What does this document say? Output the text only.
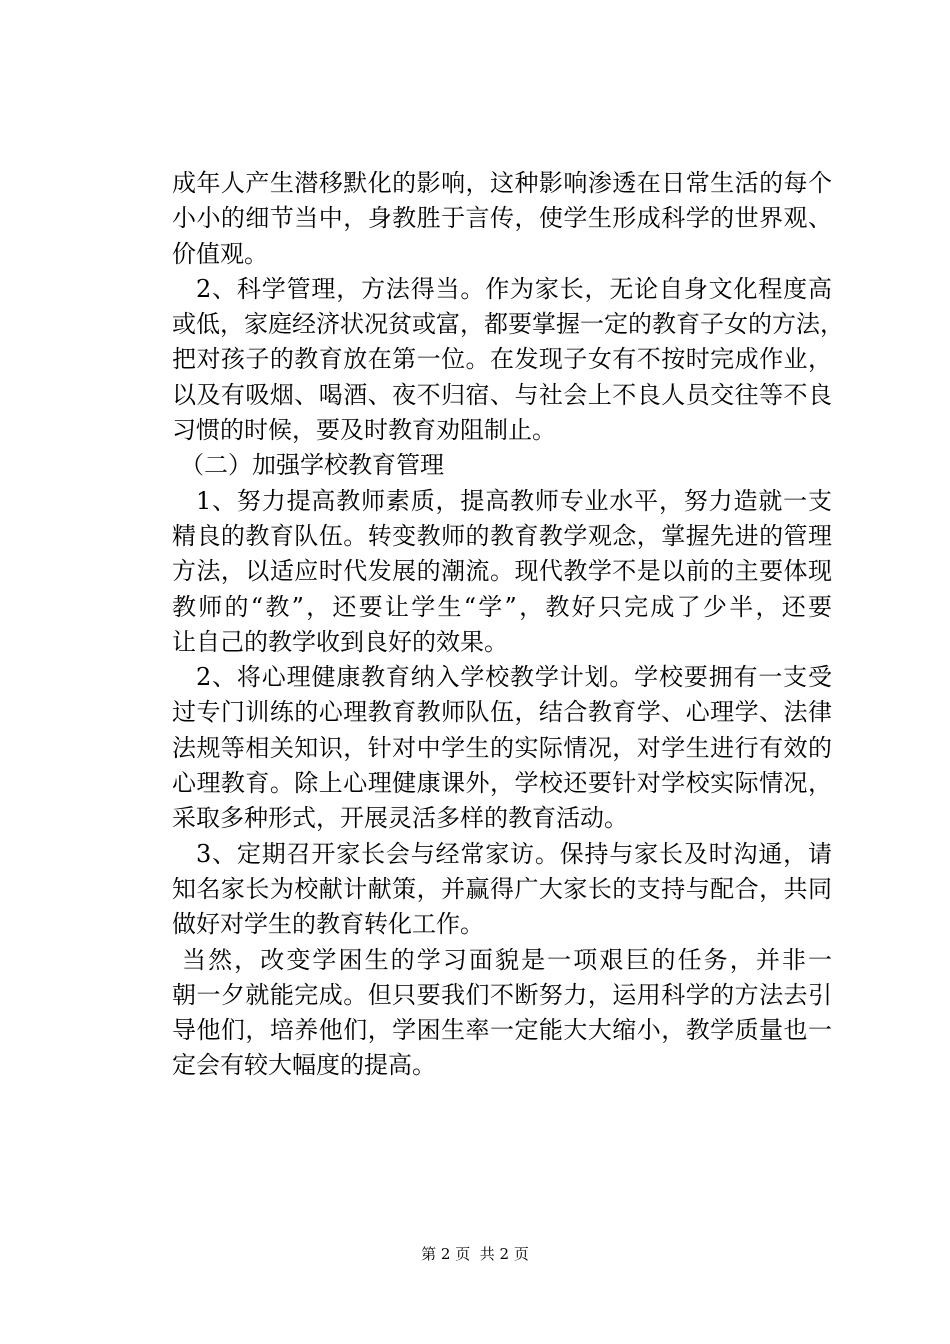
成年人产生潜移默化的影响，这种影响渗透在日常生活的每个
小小的细节当中，身教胜于言传，使学生形成科学的世界观、
价值观。
2、科学管理，方法得当。作为家长，无论自身文化程度高
或低，家庭经济状况贫或富，都要掌握一定的教育子女的方法，
把对孩子的教育放在第一位。在发现子女有不按时完成作业，
以及有吸烟、喝酒、夜不归宿、与社会上不良人员交往等不良
习惯的时候，要及时教育劝阻制止。
（二）加强学校教育管理
1、努力提高教师素质，提高教师专业水平，努力造就一支
精良的教育队伍。转变教师的教育教学观念，掌握先进的管理
方法，以适应时代发展的潮流。现代教学不是以前的主要体现
教师的“教”，还要让学生“学”，教好只完成了少半，还要
让自己的教学收到良好的效果。
2、将心理健康教育纳入学校教学计划。学校要拥有一支受
过专门训练的心理教育教师队伍，结合教育学、心理学、法律
法规等相关知识，针对中学生的实际情况，对学生进行有效的
心理教育。除上心理健康课外，学校还要针对学校实际情况，
采取多种形式，开展灵活多样的教育活动。
3、定期召开家长会与经常家访。保持与家长及时沟通，请
知名家长为校献计献策，并赢得广大家长的支持与配合，共同
做好对学生的教育转化工作。
当然，改变学困生的学习面貌是一项艰巨的任务，并非一
朝一夕就能完成。但只要我们不断努力，运用科学的方法去引
导他们，培养他们，学困生率一定能大大缩小，教学质量也一
定会有较大幅度的提高。
第 2 页 共 2 页
